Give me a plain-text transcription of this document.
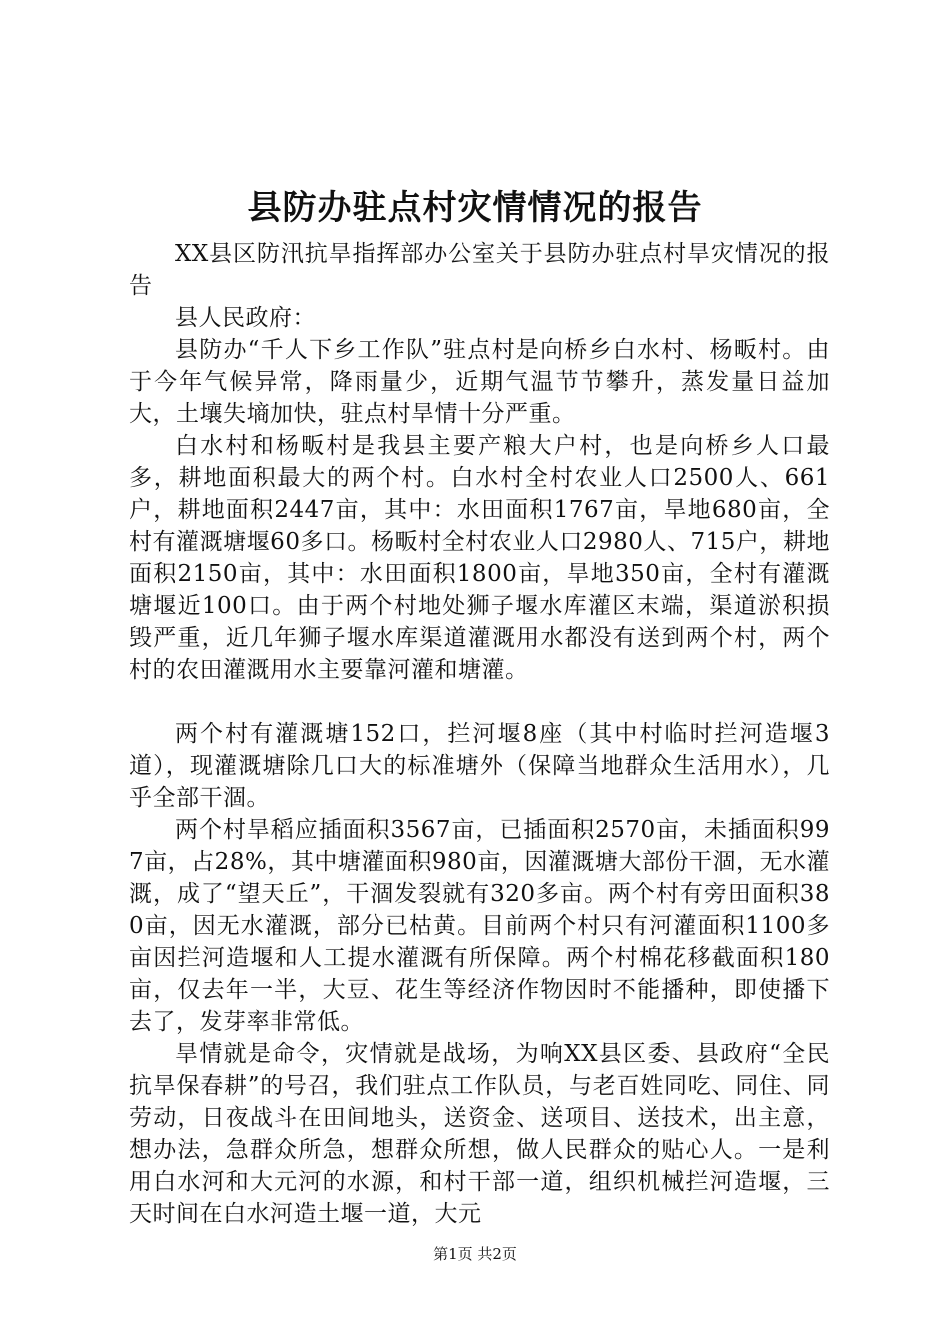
县防办驻点村灾情情况的报告

XX县区防汛抗旱指挥部办公室关于县防办驻点村旱灾情况的报告

县人民政府：

县防办“千人下乡工作队”驻点村是向桥乡白水村、杨畈村。由于今年气候异常，降雨量少，近期气温节节攀升，蒸发量日益加大，土壤失墒加快，驻点村旱情十分严重。

白水村和杨畈村是我县主要产粮大户村，也是向桥乡人口最多，耕地面积最大的两个村。白水村全村农业人口2500人、661户，耕地面积2447亩，其中：水田面积1767亩，旱地680亩，全村有灌溉塘堰60多口。杨畈村全村农业人口2980人、715户，耕地面积2150亩，其中：水田面积1800亩，旱地350亩，全村有灌溉塘堰近100口。由于两个村地处狮子堰水库灌区末端，渠道淤积损毁严重，近几年狮子堰水库渠道灌溉用水都没有送到两个村，两个村的农田灌溉用水主要靠河灌和塘灌。

两个村有灌溉塘152口，拦河堰8座（其中村临时拦河造堰3道），现灌溉塘除几口大的标准塘外（保障当地群众生活用水），几乎全部干涸。

两个村旱稻应插面积3567亩，已插面积2570亩，未插面积997亩，占28%，其中塘灌面积980亩，因灌溉塘大部份干涸，无水灌溉，成了“望天丘”，干涸发裂就有320多亩。两个村有旁田面积380亩，因无水灌溉，部分已枯黄。目前两个村只有河灌面积1100多亩因拦河造堰和人工提水灌溉有所保障。两个村棉花移截面积180亩，仅去年一半，大豆、花生等经济作物因时不能播种，即使播下去了，发芽率非常低。

旱情就是命令，灾情就是战场，为响XX县区委、县政府“全民抗旱保春耕”的号召，我们驻点工作队员，与老百姓同吃、同住、同劳动，日夜战斗在田间地头，送资金、送项目、送技术，出主意，想办法，急群众所急，想群众所想，做人民群众的贴心人。一是利用白水河和大元河的水源，和村干部一道，组织机械拦河造堰，三天时间在白水河造土堰一道，大元

第1页 共2页
